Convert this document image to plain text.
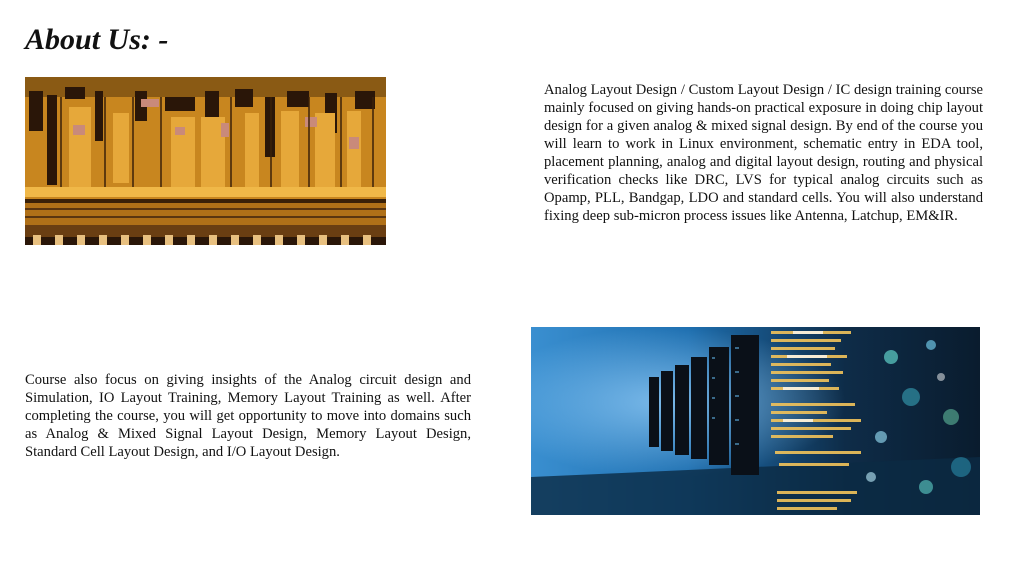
About Us: -

Analog Layout Design / Custom Layout Design / IC design training course mainly focused on giving hands-on practical exposure in doing chip layout design for a given analog & mixed signal design. By end of the course you will learn to work in Linux environment, schematic entry in EDA tool, placement planning, analog and digital layout design, routing and physical verification checks like DRC, LVS for typical analog circuits such as Opamp, PLL, Bandgap, LDO and standard cells. You will also understand fixing deep sub-micron process issues like Antenna, Latchup, EM&IR.

Course also focus on giving insights of the Analog circuit design and Simulation, IO Layout Training, Memory Layout Training as well. After completing the course, you will get opportunity to move into domains such as Analog & Mixed Signal Layout Design, Memory Layout Design, Standard Cell Layout Design, and I/O Layout Design.
